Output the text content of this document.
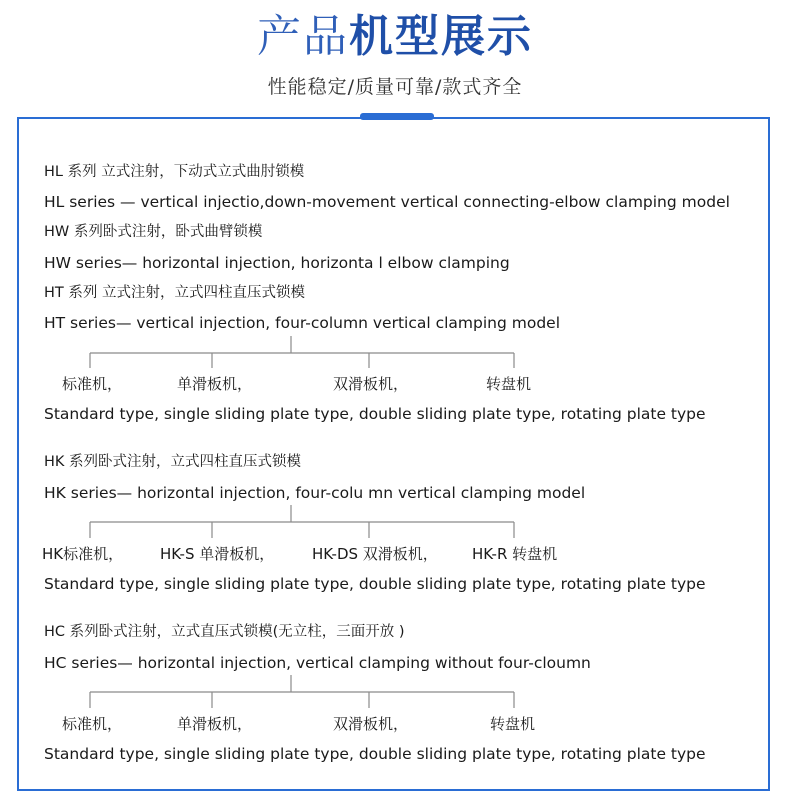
产品机型展示
性能稳定/质量可靠/款式齐全
HL 系列 立式注射，下动式立式曲肘锁模
HL series — vertical injectio,down-movement vertical connecting-elbow clamping model
HW 系列卧式注射，卧式曲臂锁模
HW series— horizontal injection, horizonta l elbow clamping
HT 系列 立式注射，立式四柱直压式锁模
HT series— vertical injection, four-column vertical clamping model
标准机，	单滑板机，	双滑板机，	转盘机
Standard type, single sliding plate type, double sliding plate type, rotating plate type
HK 系列卧式注射，立式四柱直压式锁模
HK series— horizontal injection, four-colu mn vertical clamping model
HK标准机， HK-S 单滑板机，	HK-DS 双滑板机， HK-R 转盘机
Standard type, single sliding plate type, double sliding plate type, rotating plate type
HC 系列卧式注射，立式直压式锁模(无立柱，三面开放 )
HC series— horizontal injection, vertical clamping without four-cloumn
标准机，	单滑板机，	双滑板机，	转盘机
Standard type, single sliding plate type, double sliding plate type, rotating plate type
